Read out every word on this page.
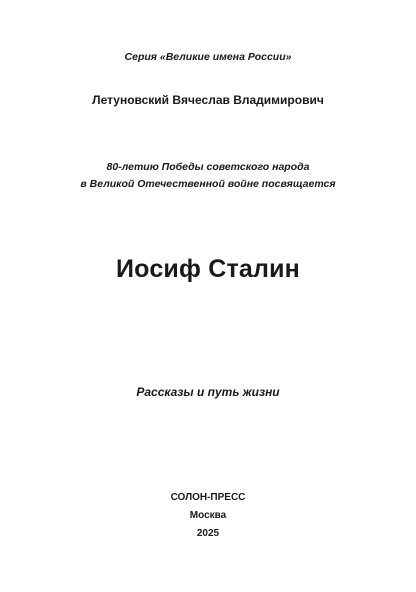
Серия «Великие имена России»
Летуновский Вячеслав Владимирович
80-летию Победы советского народа
в Великой Отечественной войне посвящается
Иосиф Сталин
Рассказы и путь жизни
СОЛОН-ПРЕСС
Москва
2025
